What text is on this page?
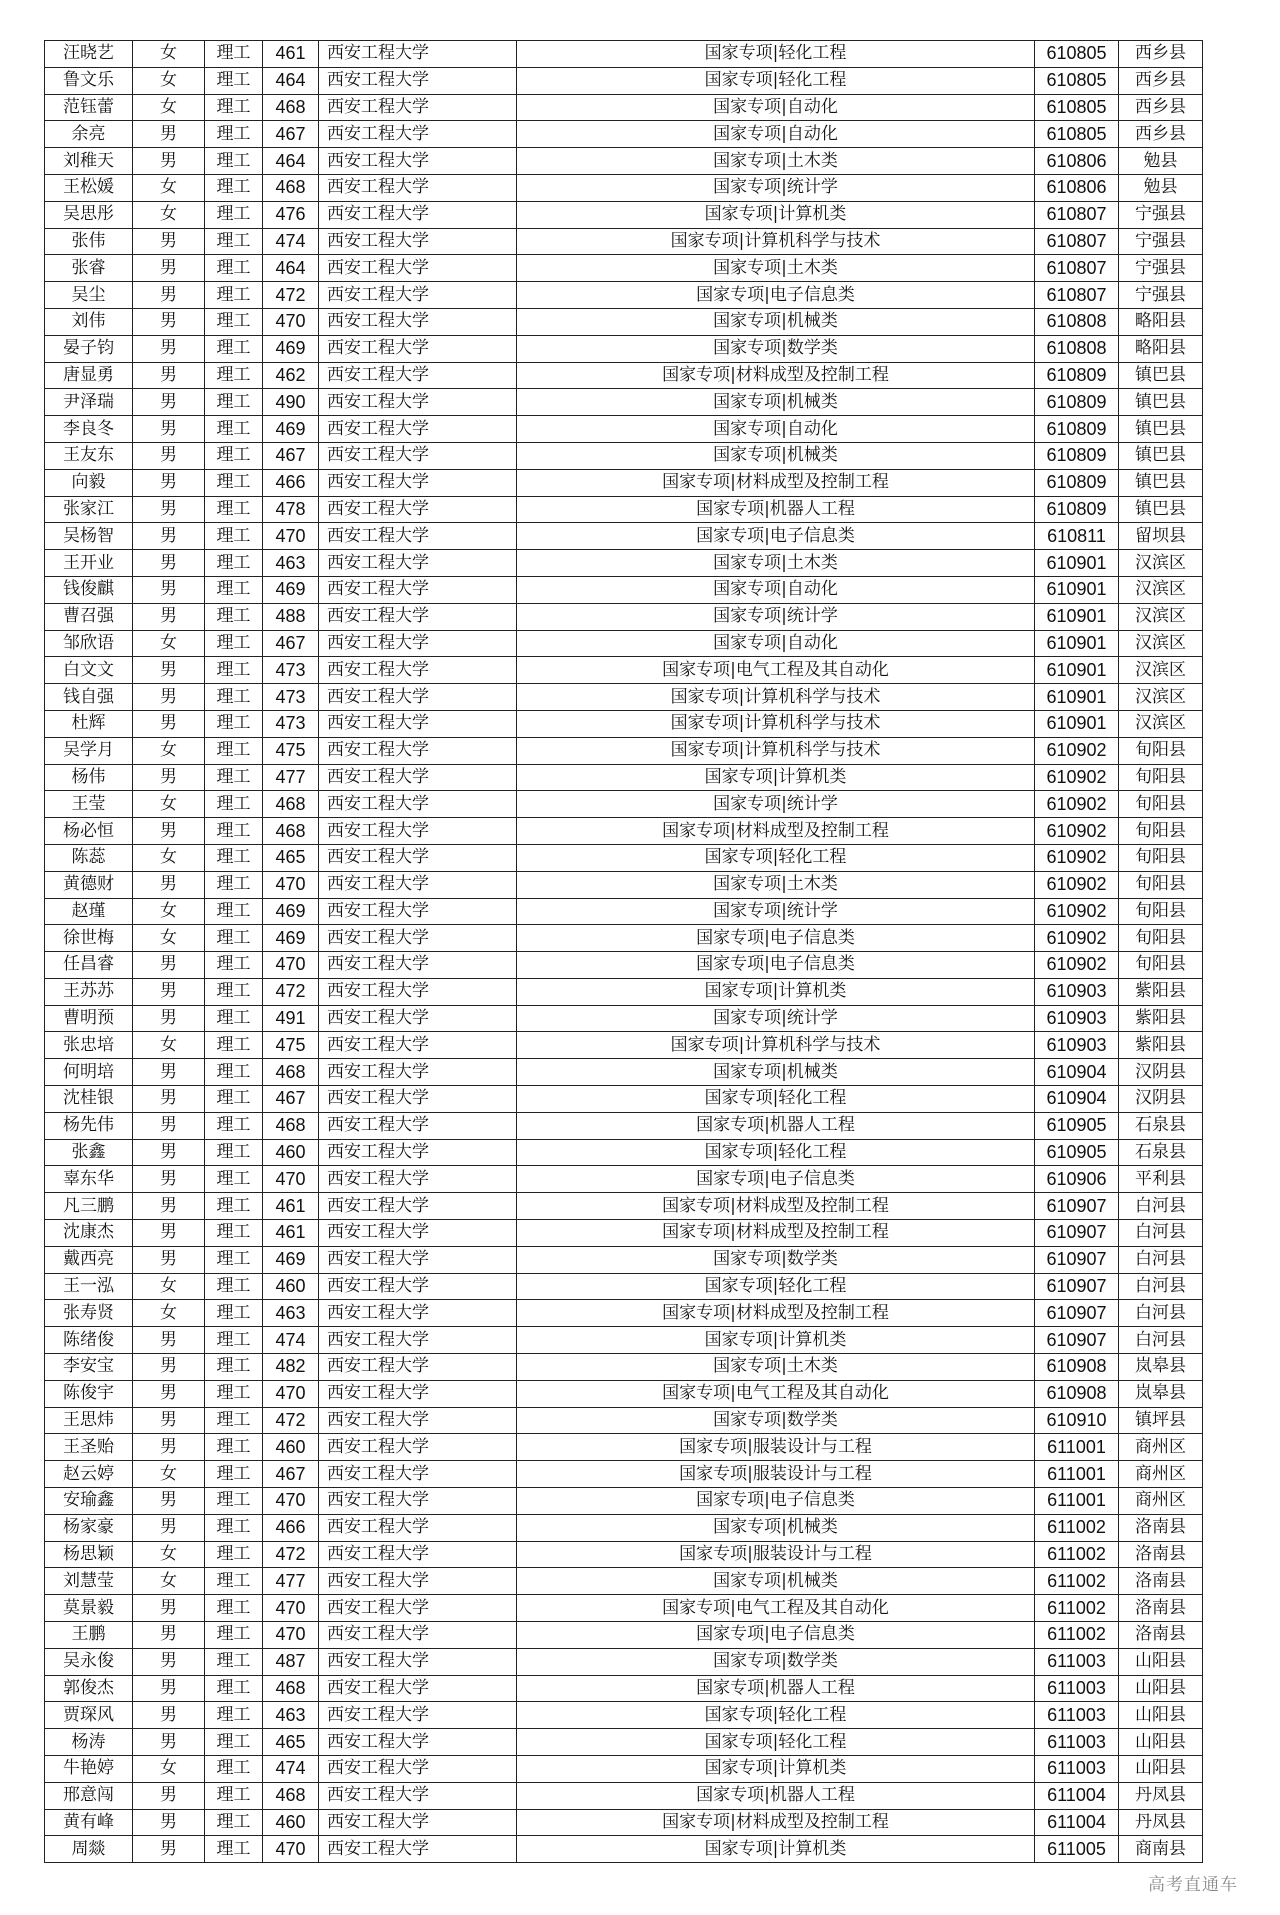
汪晓艺	女	理工	461	西安工程大学	国家专项|轻化工程	610805	西乡县
鲁文乐	女	理工	464	西安工程大学	国家专项|轻化工程	610805	西乡县
范钰蕾	女	理工	468	西安工程大学	国家专项|自动化	610805	西乡县
余亮	男	理工	467	西安工程大学	国家专项|自动化	610805	西乡县
刘稚天	男	理工	464	西安工程大学	国家专项|土木类	610806	勉县
王松媛	女	理工	468	西安工程大学	国家专项|统计学	610806	勉县
吴思彤	女	理工	476	西安工程大学	国家专项|计算机类	610807	宁强县
张伟	男	理工	474	西安工程大学	国家专项|计算机科学与技术	610807	宁强县
张睿	男	理工	464	西安工程大学	国家专项|土木类	610807	宁强县
吴尘	男	理工	472	西安工程大学	国家专项|电子信息类	610807	宁强县
刘伟	男	理工	470	西安工程大学	国家专项|机械类	610808	略阳县
晏子钧	男	理工	469	西安工程大学	国家专项|数学类	610808	略阳县
唐显勇	男	理工	462	西安工程大学	国家专项|材料成型及控制工程	610809	镇巴县
尹泽瑞	男	理工	490	西安工程大学	国家专项|机械类	610809	镇巴县
李良冬	男	理工	469	西安工程大学	国家专项|自动化	610809	镇巴县
王友东	男	理工	467	西安工程大学	国家专项|机械类	610809	镇巴县
向毅	男	理工	466	西安工程大学	国家专项|材料成型及控制工程	610809	镇巴县
张家江	男	理工	478	西安工程大学	国家专项|机器人工程	610809	镇巴县
吴杨智	男	理工	470	西安工程大学	国家专项|电子信息类	610811	留坝县
王开业	男	理工	463	西安工程大学	国家专项|土木类	610901	汉滨区
钱俊麒	男	理工	469	西安工程大学	国家专项|自动化	610901	汉滨区
曹召强	男	理工	488	西安工程大学	国家专项|统计学	610901	汉滨区
邹欣语	女	理工	467	西安工程大学	国家专项|自动化	610901	汉滨区
白文文	男	理工	473	西安工程大学	国家专项|电气工程及其自动化	610901	汉滨区
钱自强	男	理工	473	西安工程大学	国家专项|计算机科学与技术	610901	汉滨区
杜辉	男	理工	473	西安工程大学	国家专项|计算机科学与技术	610901	汉滨区
吴学月	女	理工	475	西安工程大学	国家专项|计算机科学与技术	610902	旬阳县
杨伟	男	理工	477	西安工程大学	国家专项|计算机类	610902	旬阳县
王莹	女	理工	468	西安工程大学	国家专项|统计学	610902	旬阳县
杨必恒	男	理工	468	西安工程大学	国家专项|材料成型及控制工程	610902	旬阳县
陈蕊	女	理工	465	西安工程大学	国家专项|轻化工程	610902	旬阳县
黄德财	男	理工	470	西安工程大学	国家专项|土木类	610902	旬阳县
赵瑾	女	理工	469	西安工程大学	国家专项|统计学	610902	旬阳县
徐世梅	女	理工	469	西安工程大学	国家专项|电子信息类	610902	旬阳县
任昌睿	男	理工	470	西安工程大学	国家专项|电子信息类	610902	旬阳县
王苏苏	男	理工	472	西安工程大学	国家专项|计算机类	610903	紫阳县
曹明预	男	理工	491	西安工程大学	国家专项|统计学	610903	紫阳县
张忠培	女	理工	475	西安工程大学	国家专项|计算机科学与技术	610903	紫阳县
何明培	男	理工	468	西安工程大学	国家专项|机械类	610904	汉阴县
沈桂银	男	理工	467	西安工程大学	国家专项|轻化工程	610904	汉阴县
杨先伟	男	理工	468	西安工程大学	国家专项|机器人工程	610905	石泉县
张鑫	男	理工	460	西安工程大学	国家专项|轻化工程	610905	石泉县
辜东华	男	理工	470	西安工程大学	国家专项|电子信息类	610906	平利县
凡三鹏	男	理工	461	西安工程大学	国家专项|材料成型及控制工程	610907	白河县
沈康杰	男	理工	461	西安工程大学	国家专项|材料成型及控制工程	610907	白河县
戴西亮	男	理工	469	西安工程大学	国家专项|数学类	610907	白河县
王一泓	女	理工	460	西安工程大学	国家专项|轻化工程	610907	白河县
张寿贤	女	理工	463	西安工程大学	国家专项|材料成型及控制工程	610907	白河县
陈绪俊	男	理工	474	西安工程大学	国家专项|计算机类	610907	白河县
李安宝	男	理工	482	西安工程大学	国家专项|土木类	610908	岚皋县
陈俊宇	男	理工	470	西安工程大学	国家专项|电气工程及其自动化	610908	岚皋县
王思炜	男	理工	472	西安工程大学	国家专项|数学类	610910	镇坪县
王圣贻	男	理工	460	西安工程大学	国家专项|服装设计与工程	611001	商州区
赵云婷	女	理工	467	西安工程大学	国家专项|服装设计与工程	611001	商州区
安瑜鑫	男	理工	470	西安工程大学	国家专项|电子信息类	611001	商州区
杨家豪	男	理工	466	西安工程大学	国家专项|机械类	611002	洛南县
杨思颖	女	理工	472	西安工程大学	国家专项|服装设计与工程	611002	洛南县
刘慧莹	女	理工	477	西安工程大学	国家专项|机械类	611002	洛南县
莫景毅	男	理工	470	西安工程大学	国家专项|电气工程及其自动化	611002	洛南县
王鹏	男	理工	470	西安工程大学	国家专项|电子信息类	611002	洛南县
吴永俊	男	理工	487	西安工程大学	国家专项|数学类	611003	山阳县
郭俊杰	男	理工	468	西安工程大学	国家专项|机器人工程	611003	山阳县
贾琛风	男	理工	463	西安工程大学	国家专项|轻化工程	611003	山阳县
杨涛	男	理工	465	西安工程大学	国家专项|轻化工程	611003	山阳县
牛艳婷	女	理工	474	西安工程大学	国家专项|计算机类	611003	山阳县
邢意闯	男	理工	468	西安工程大学	国家专项|机器人工程	611004	丹凤县
黄有峰	男	理工	460	西安工程大学	国家专项|材料成型及控制工程	611004	丹凤县
周燚	男	理工	470	西安工程大学	国家专项|计算机类	611005	商南县
高考直通车
